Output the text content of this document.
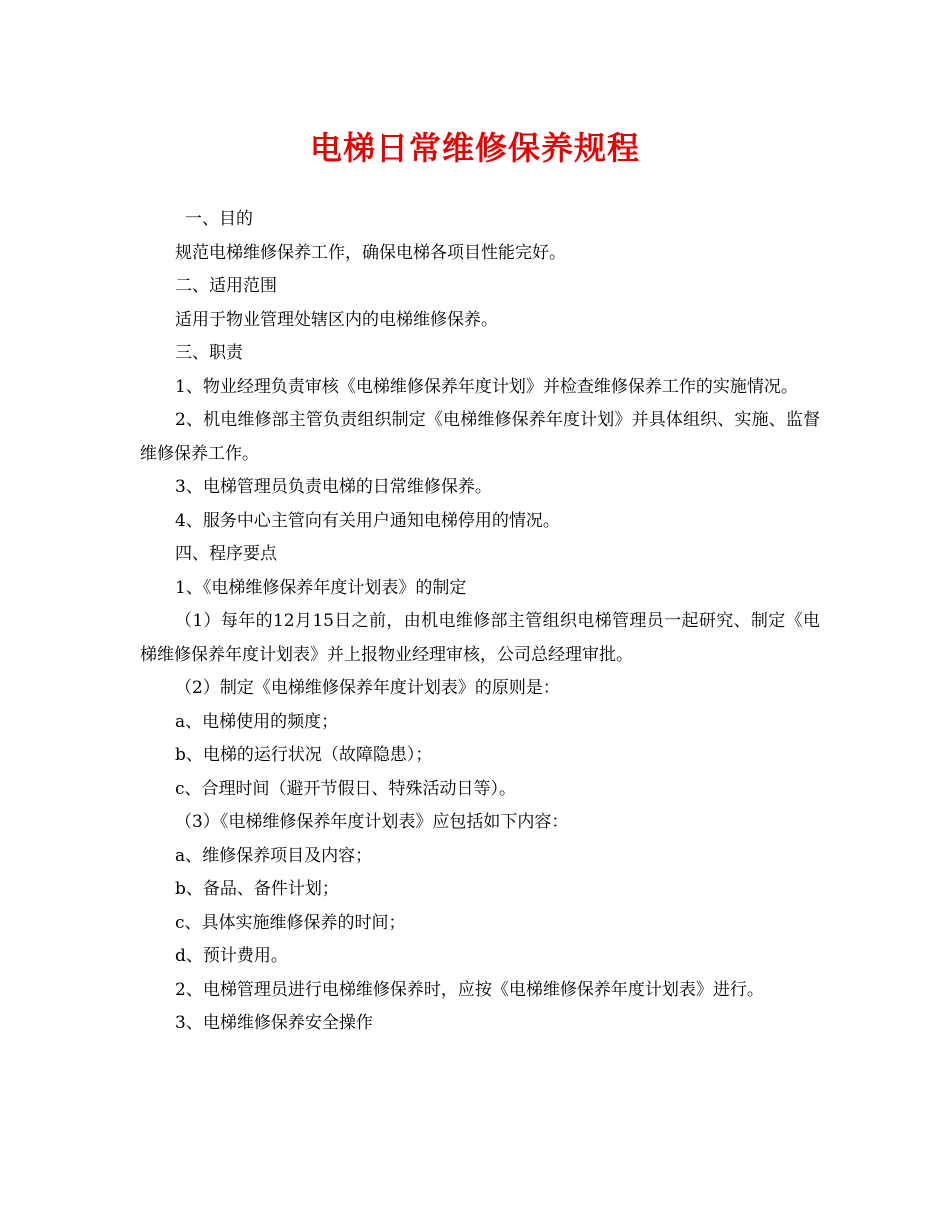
电梯日常维修保养规程

一、目的

规范电梯维修保养工作，确保电梯各项目性能完好。

二、适用范围

适用于物业管理处辖区内的电梯维修保养。

三、职责

1、物业经理负责审核《电梯维修保养年度计划》并检查维修保养工作的实施情况。

2、机电维修部主管负责组织制定《电梯维修保养年度计划》并具体组织、实施、监督维修保养工作。

3、电梯管理员负责电梯的日常维修保养。

4、服务中心主管向有关用户通知电梯停用的情况。

四、程序要点

1、《电梯维修保养年度计划表》的制定

（1）每年的12月15日之前，由机电维修部主管组织电梯管理员一起研究、制定《电梯维修保养年度计划表》并上报物业经理审核，公司总经理审批。

（2）制定《电梯维修保养年度计划表》的原则是：

a、电梯使用的频度；

b、电梯的运行状况（故障隐患）；

c、合理时间（避开节假日、特殊活动日等）。

（3）《电梯维修保养年度计划表》应包括如下内容：

a、维修保养项目及内容；

b、备品、备件计划；

c、具体实施维修保养的时间；

d、预计费用。

2、电梯管理员进行电梯维修保养时，应按《电梯维修保养年度计划表》进行。

3、电梯维修保养安全操作
